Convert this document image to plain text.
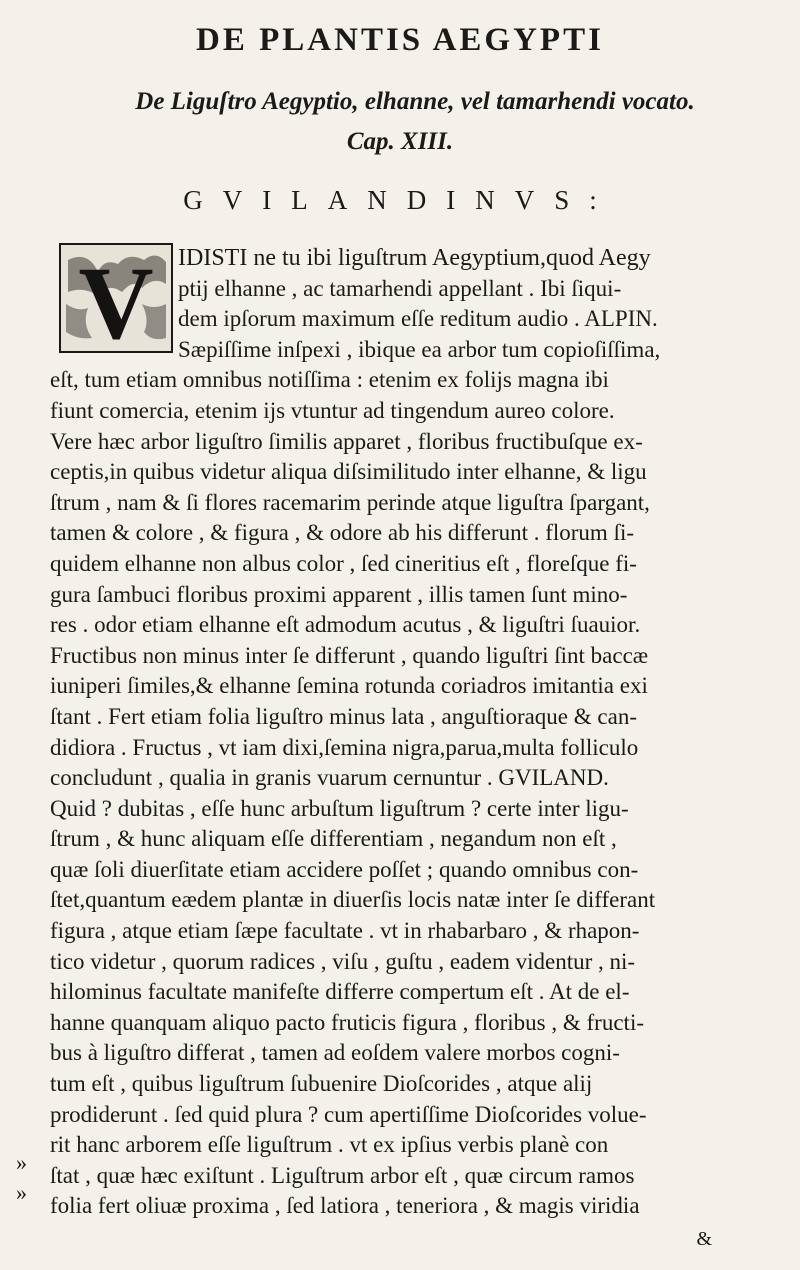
DE PLANTIS AEGYPTI
De Liguſtro Aegyptio, elhanne, vel tamarhendi vocato.
Cap. XIII.
GVILANDINVS:
V	IDISTI ne tu ibi liguſtrum Aegyptium,quod Aegy
ptij elhanne , ac tamarhendi appellant . Ibi ſiqui-
dem ipſorum maximum eſſe reditum audio . ALPIN.
Sæpiſſime inſpexi , ibique ea arbor tum copioſiſſima,
eſt, tum etiam omnibus notiſſima : etenim ex folijs magna ibi
fiunt comercia, etenim ijs vtuntur ad tingendum aureo colore.
Vere hæc arbor liguſtro ſimilis apparet , floribus fructibuſque ex-
ceptis,in quibus videtur aliqua diſsimilitudo inter elhanne, & ligu
ſtrum , nam & ſi flores racemarim perinde atque liguſtra ſpargant,
tamen & colore , & figura , & odore ab his differunt . florum ſi-
quidem elhanne non albus color , ſed cineritius eſt , floreſque fi-
gura ſambuci floribus proximi apparent , illis tamen ſunt mino-
res . odor etiam elhanne eſt admodum acutus , & liguſtri ſuauior.
Fructibus non minus inter ſe differunt , quando liguſtri ſint baccæ
iuniperi ſimiles,& elhanne ſemina rotunda coriadros imitantia exi
ſtant . Fert etiam folia liguſtro minus lata , anguſtioraque & can-
didiora . Fructus , vt iam dixi,ſemina nigra,parua,multa folliculo
concludunt , qualia in granis vuarum cernuntur . GVILAND.
Quid ? dubitas , eſſe hunc arbuſtum liguſtrum ? certe inter ligu-
ſtrum , & hunc aliquam eſſe differentiam , negandum non eſt ,
quæ ſoli diuerſitate etiam accidere poſſet ; quando omnibus con-
ſtet,quantum eædem plantæ in diuerſis locis natæ inter ſe differant
figura , atque etiam ſæpe facultate . vt in rhabarbaro , & rhapon-
tico videtur , quorum radices , viſu , guſtu , eadem videntur , ni-
hilominus facultate manifeſte differre compertum eſt . At de el-
hanne quanquam aliquo pacto fruticis figura , floribus , & fructi-
bus à liguſtro differat , tamen ad eoſdem valere morbos cogni-
tum eſt , quibus liguſtrum ſubuenire Dioſcorides , atque alij
prodiderunt . ſed quid plura ? cum apertiſſime Dioſcorides volue-
rit hanc arborem eſſe liguſtrum . vt ex ipſius verbis planè con
ſtat , quæ hæc exiſtunt . Liguſtrum arbor eſt , quæ circum ramos
folia fert oliuæ proxima , ſed latiora , teneriora , & magis viridia
»
»
&
